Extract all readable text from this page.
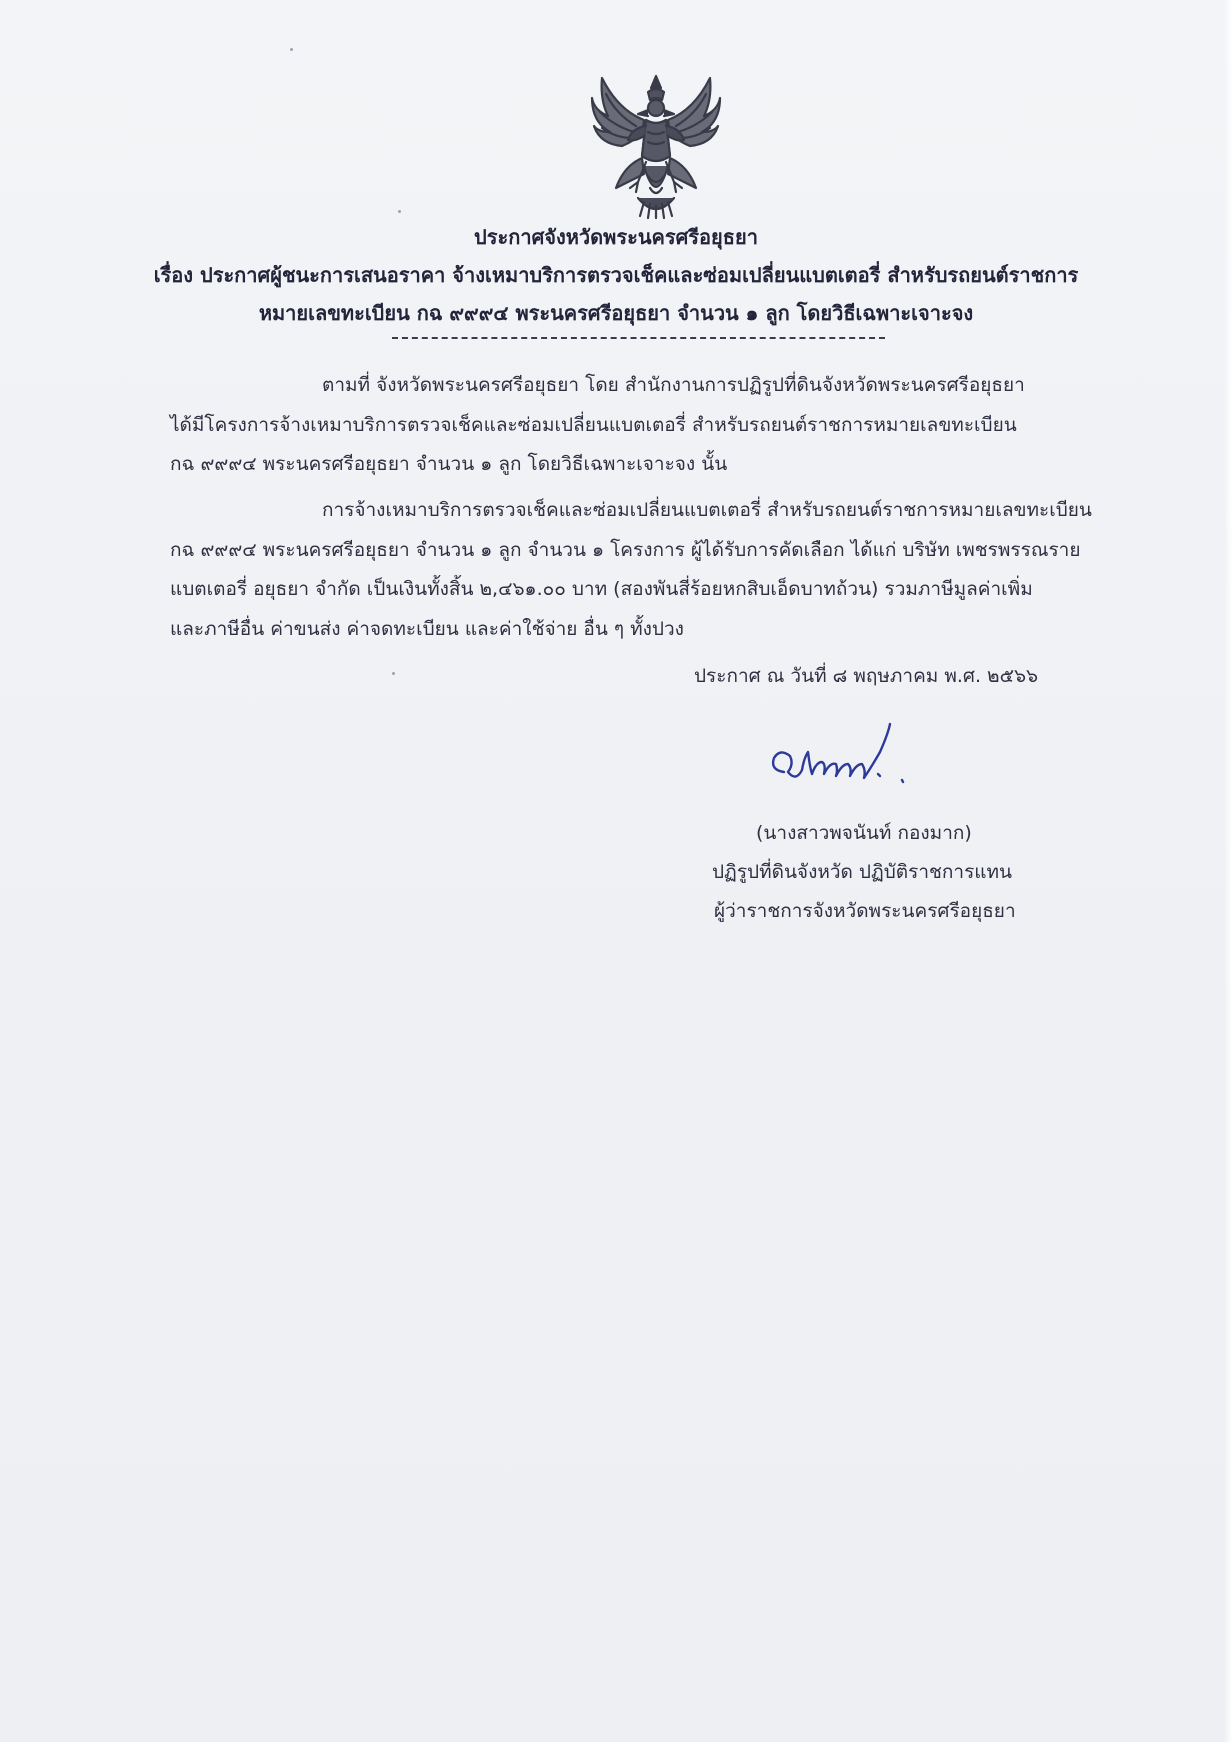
ประกาศจังหวัดพระนครศรีอยุธยา
เรื่อง ประกาศผู้ชนะการเสนอราคา จ้างเหมาบริการตรวจเช็คและซ่อมเปลี่ยนแบตเตอรี่ สำหรับรถยนต์ราชการ
หมายเลขทะเบียน กฉ ๙๙๙๔ พระนครศรีอยุธยา จำนวน ๑ ลูก โดยวิธีเฉพาะเจาะจง
ตามที่ จังหวัดพระนครศรีอยุธยา โดย สำนักงานการปฏิรูปที่ดินจังหวัดพระนครศรีอยุธยา
ได้มีโครงการจ้างเหมาบริการตรวจเช็คและซ่อมเปลี่ยนแบตเตอรี่ สำหรับรถยนต์ราชการหมายเลขทะเบียน
กฉ ๙๙๙๔ พระนครศรีอยุธยา จำนวน ๑ ลูก โดยวิธีเฉพาะเจาะจง นั้น
การจ้างเหมาบริการตรวจเช็คและซ่อมเปลี่ยนแบตเตอรี่ สำหรับรถยนต์ราชการหมายเลขทะเบียน
กฉ ๙๙๙๔ พระนครศรีอยุธยา จำนวน ๑ ลูก จำนวน ๑ โครงการ ผู้ได้รับการคัดเลือก ได้แก่ บริษัท เพชรพรรณราย
แบตเตอรี่ อยุธยา จำกัด เป็นเงินทั้งสิ้น ๒,๔๖๑.๐๐ บาท (สองพันสี่ร้อยหกสิบเอ็ดบาทถ้วน) รวมภาษีมูลค่าเพิ่ม
และภาษีอื่น ค่าขนส่ง ค่าจดทะเบียน และค่าใช้จ่าย อื่น ๆ ทั้งปวง
ประกาศ ณ วันที่ ๘ พฤษภาคม พ.ศ. ๒๕๖๖
(นางสาวพจนันท์ กองมาก)
ปฏิรูปที่ดินจังหวัด ปฏิบัติราชการแทน
ผู้ว่าราชการจังหวัดพระนครศรีอยุธยา
